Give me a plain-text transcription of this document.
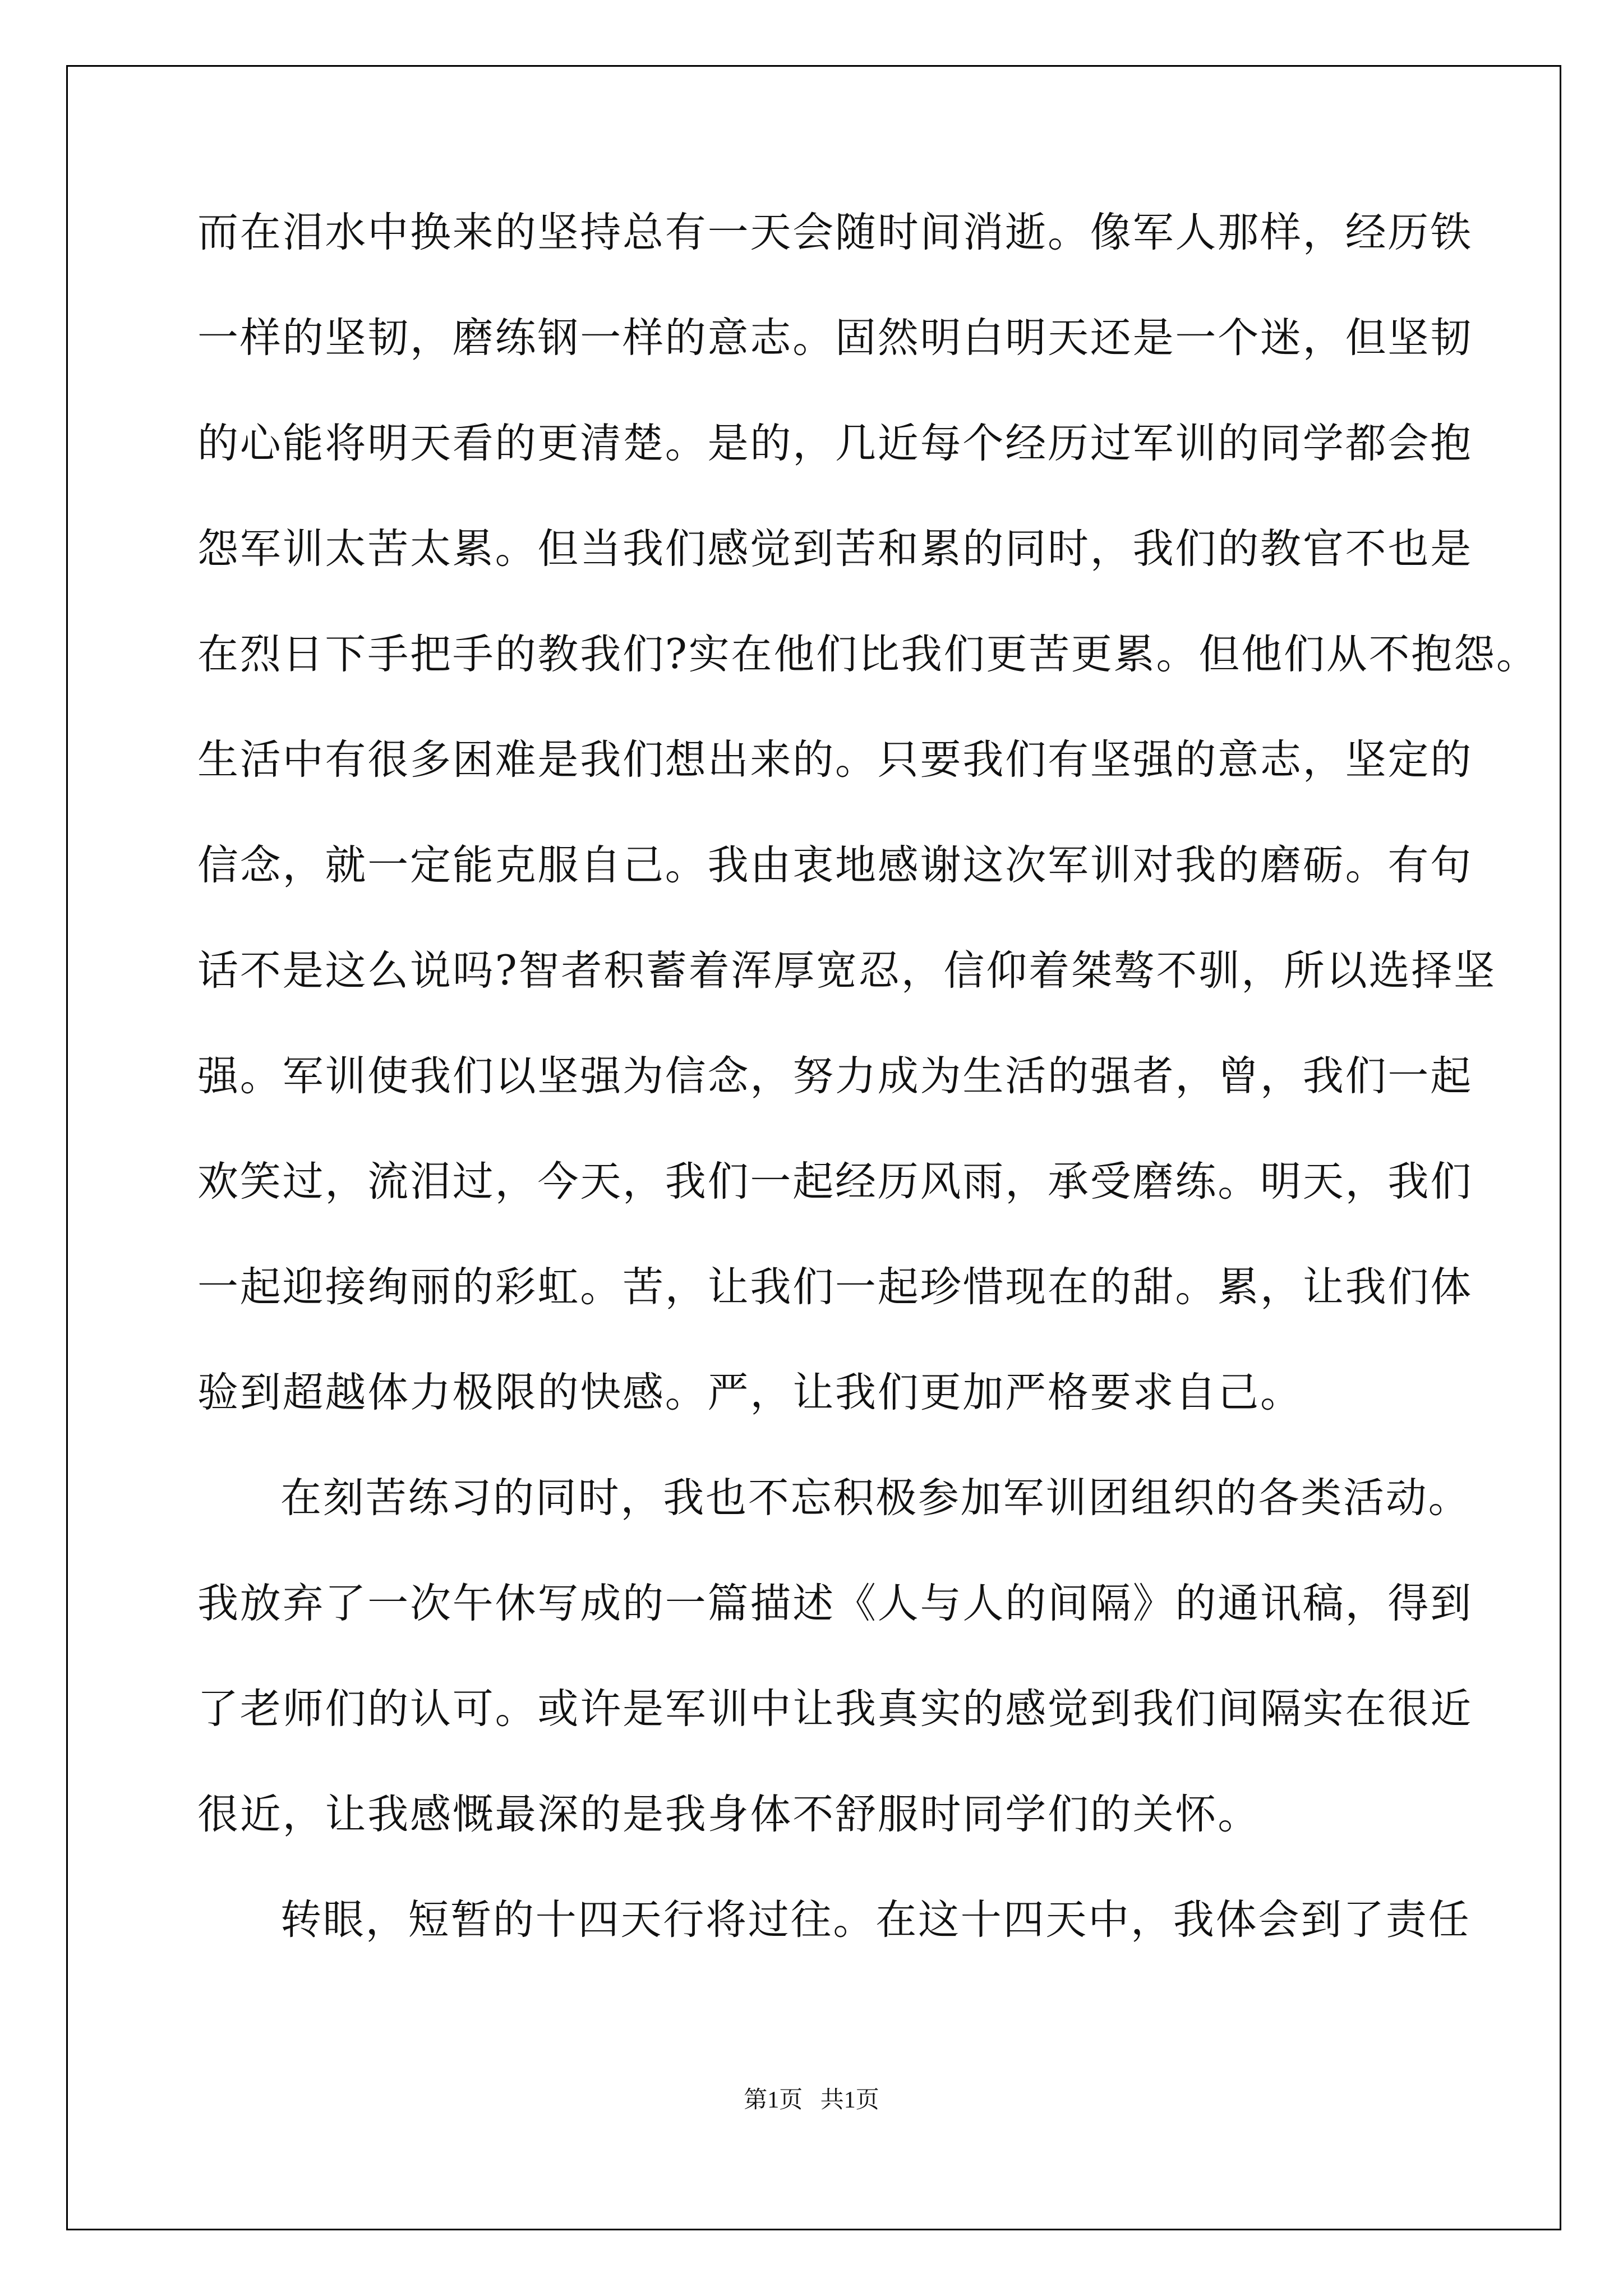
而在泪水中换来的坚持总有一天会随时间消逝。像军人那样，经历铁
一样的坚韧，磨练钢一样的意志。固然明白明天还是一个迷，但坚韧
的心能将明天看的更清楚。是的，几近每个经历过军训的同学都会抱
怨军训太苦太累。但当我们感觉到苦和累的同时，我们的教官不也是
在烈日下手把手的教我们?实在他们比我们更苦更累。但他们从不抱怨。
生活中有很多困难是我们想出来的。只要我们有坚强的意志，坚定的
信念，就一定能克服自己。我由衷地感谢这次军训对我的磨砺。有句
话不是这么说吗?智者积蓄着浑厚宽忍，信仰着桀骜不驯，所以选择坚
强。军训使我们以坚强为信念，努力成为生活的强者，曾，我们一起
欢笑过，流泪过，今天，我们一起经历风雨，承受磨练。明天，我们
一起迎接绚丽的彩虹。苦，让我们一起珍惜现在的甜。累，让我们体
验到超越体力极限的快感。严，让我们更加严格要求自己。
在刻苦练习的同时，我也不忘积极参加军训团组织的各类活动。
我放弃了一次午休写成的一篇描述《人与人的间隔》的通讯稿，得到
了老师们的认可。或许是军训中让我真实的感觉到我们间隔实在很近
很近，让我感慨最深的是我身体不舒服时同学们的关怀。
转眼，短暂的十四天行将过往。在这十四天中，我体会到了责任
第1页   共1页
